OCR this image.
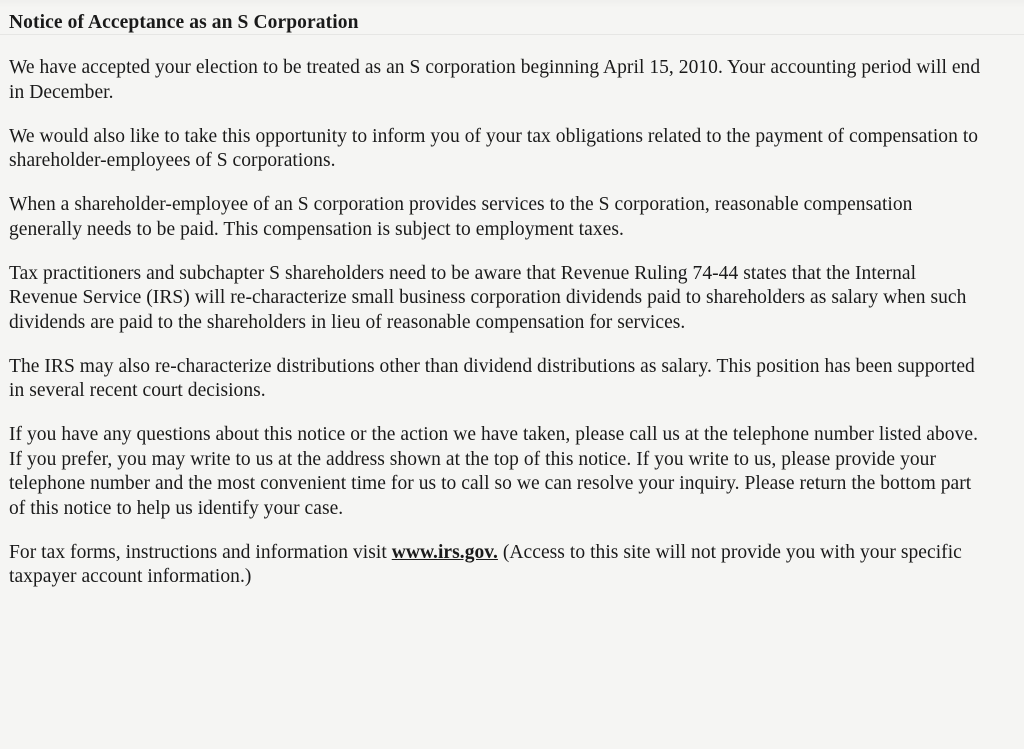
Notice of Acceptance as an S Corporation

We have accepted your election to be treated as an S corporation beginning April 15, 2010. Your accounting period will end in December.

We would also like to take this opportunity to inform you of your tax obligations related to the payment of compensation to shareholder-employees of S corporations.

When a shareholder-employee of an S corporation provides services to the S corporation, reasonable compensation generally needs to be paid. This compensation is subject to employment taxes.

Tax practitioners and subchapter S shareholders need to be aware that Revenue Ruling 74-44 states that the Internal Revenue Service (IRS) will re-characterize small business corporation dividends paid to shareholders as salary when such dividends are paid to the shareholders in lieu of reasonable compensation for services.

The IRS may also re-characterize distributions other than dividend distributions as salary. This position has been supported in several recent court decisions.

If you have any questions about this notice or the action we have taken, please call us at the telephone number listed above. If you prefer, you may write to us at the address shown at the top of this notice. If you write to us, please provide your telephone number and the most convenient time for us to call so we can resolve your inquiry. Please return the bottom part of this notice to help us identify your case.

For tax forms, instructions and information visit www.irs.gov. (Access to this site will not provide you with your specific taxpayer account information.)
